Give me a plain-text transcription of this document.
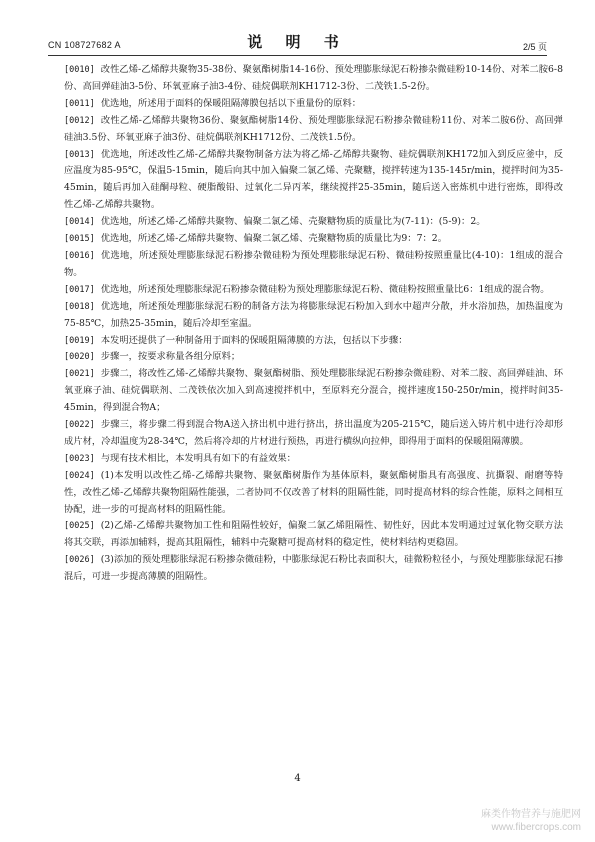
CN 108727682 A	说 明 书	2/5 页

[0010] 改性乙烯-乙烯醇共聚物35-38份、聚氨酯树脂14-16份、预处理膨胀绿泥石粉掺杂微硅粉10-14份、对苯二胺6-8份、高回弹硅油3-5份、环氧亚麻子油3-4份、硅烷偶联剂KH1712-3份、二茂铁1.5-2份。

[0011] 优选地，所述用于面料的保暖阻隔薄膜包括以下重量份的原料：

[0012] 改性乙烯-乙烯醇共聚物36份、聚氨酯树脂14份、预处理膨胀绿泥石粉掺杂微硅粉11份、对苯二胺6份、高回弹硅油3.5份、环氧亚麻子油3份、硅烷偶联剂KH1712份、二茂铁1.5份。

[0013] 优选地，所述改性乙烯-乙烯醇共聚物制备方法为将乙烯-乙烯醇共聚物、硅烷偶联剂KH172加入到反应釜中，反应温度为85-95℃，保温5-15min，随后向其中加入偏聚二氯乙烯、壳聚糖，搅拌转速为135-145r/min，搅拌时间为35-45min，随后再加入硅酮母粒、硬脂酸铅、过氧化二异丙苯，继续搅拌25-35min，随后送入密炼机中进行密炼，即得改性乙烯-乙烯醇共聚物。

[0014] 优选地，所述乙烯-乙烯醇共聚物、偏聚二氯乙烯、壳聚糖物质的质量比为(7-11)：(5-9)：2。

[0015] 优选地，所述乙烯-乙烯醇共聚物、偏聚二氯乙烯、壳聚糖物质的质量比为9：7：2。

[0016] 优选地，所述预处理膨胀绿泥石粉掺杂微硅粉为预处理膨胀绿泥石粉、微硅粉按照重量比(4-10)：1组成的混合物。

[0017] 优选地，所述预处理膨胀绿泥石粉掺杂微硅粉为预处理膨胀绿泥石粉、微硅粉按照重量比6：1组成的混合物。

[0018] 优选地，所述预处理膨胀绿泥石粉的制备方法为将膨胀绿泥石粉加入到水中超声分散，并水浴加热，加热温度为75-85℃，加热25-35min，随后冷却至室温。

[0019] 本发明还提供了一种制备用于面料的保暖阻隔薄膜的方法，包括以下步骤：

[0020] 步骤一，按要求称量各组分原料；

[0021] 步骤二，将改性乙烯-乙烯醇共聚物、聚氨酯树脂、预处理膨胀绿泥石粉掺杂微硅粉、对苯二胺、高回弹硅油、环氧亚麻子油、硅烷偶联剂、二茂铁依次加入到高速搅拌机中，至原料充分混合，搅拌速度150-250r/min，搅拌时间35-45min，得到混合物A；

[0022] 步骤三，将步骤二得到混合物A送入挤出机中进行挤出，挤出温度为205-215℃，随后送入铸片机中进行冷却形成片材，冷却温度为28-34℃，然后将冷却的片材进行预热，再进行横纵向拉伸，即得用于面料的保暖阻隔薄膜。

[0023] 与现有技术相比，本发明具有如下的有益效果：

[0024] (1)本发明以改性乙烯-乙烯醇共聚物、聚氨酯树脂作为基体原料，聚氨酯树脂具有高强度、抗撕裂、耐磨等特性，改性乙烯-乙烯醇共聚物阻隔性能强，二者协同不仅改善了材料的阻隔性能，同时提高材料的综合性能，原料之间相互协配，进一步的可提高材料的阻隔性能。

[0025] (2)乙烯-乙烯醇共聚物加工性和阻隔性较好，偏聚二氯乙烯阻隔性、韧性好，因此本发明通过过氧化物交联方法将其交联，再添加辅料，提高其阻隔性，辅料中壳聚糖可提高材料的稳定性，使材料结构更稳固。

[0026] (3)添加的预处理膨胀绿泥石粉掺杂微硅粉，中膨胀绿泥石粉比表面积大，硅微粉粒径小，与预处理膨胀绿泥石掺混后，可进一步提高薄膜的阻隔性。

4
麻类作物营养与施肥网
www.fibercrops.com
